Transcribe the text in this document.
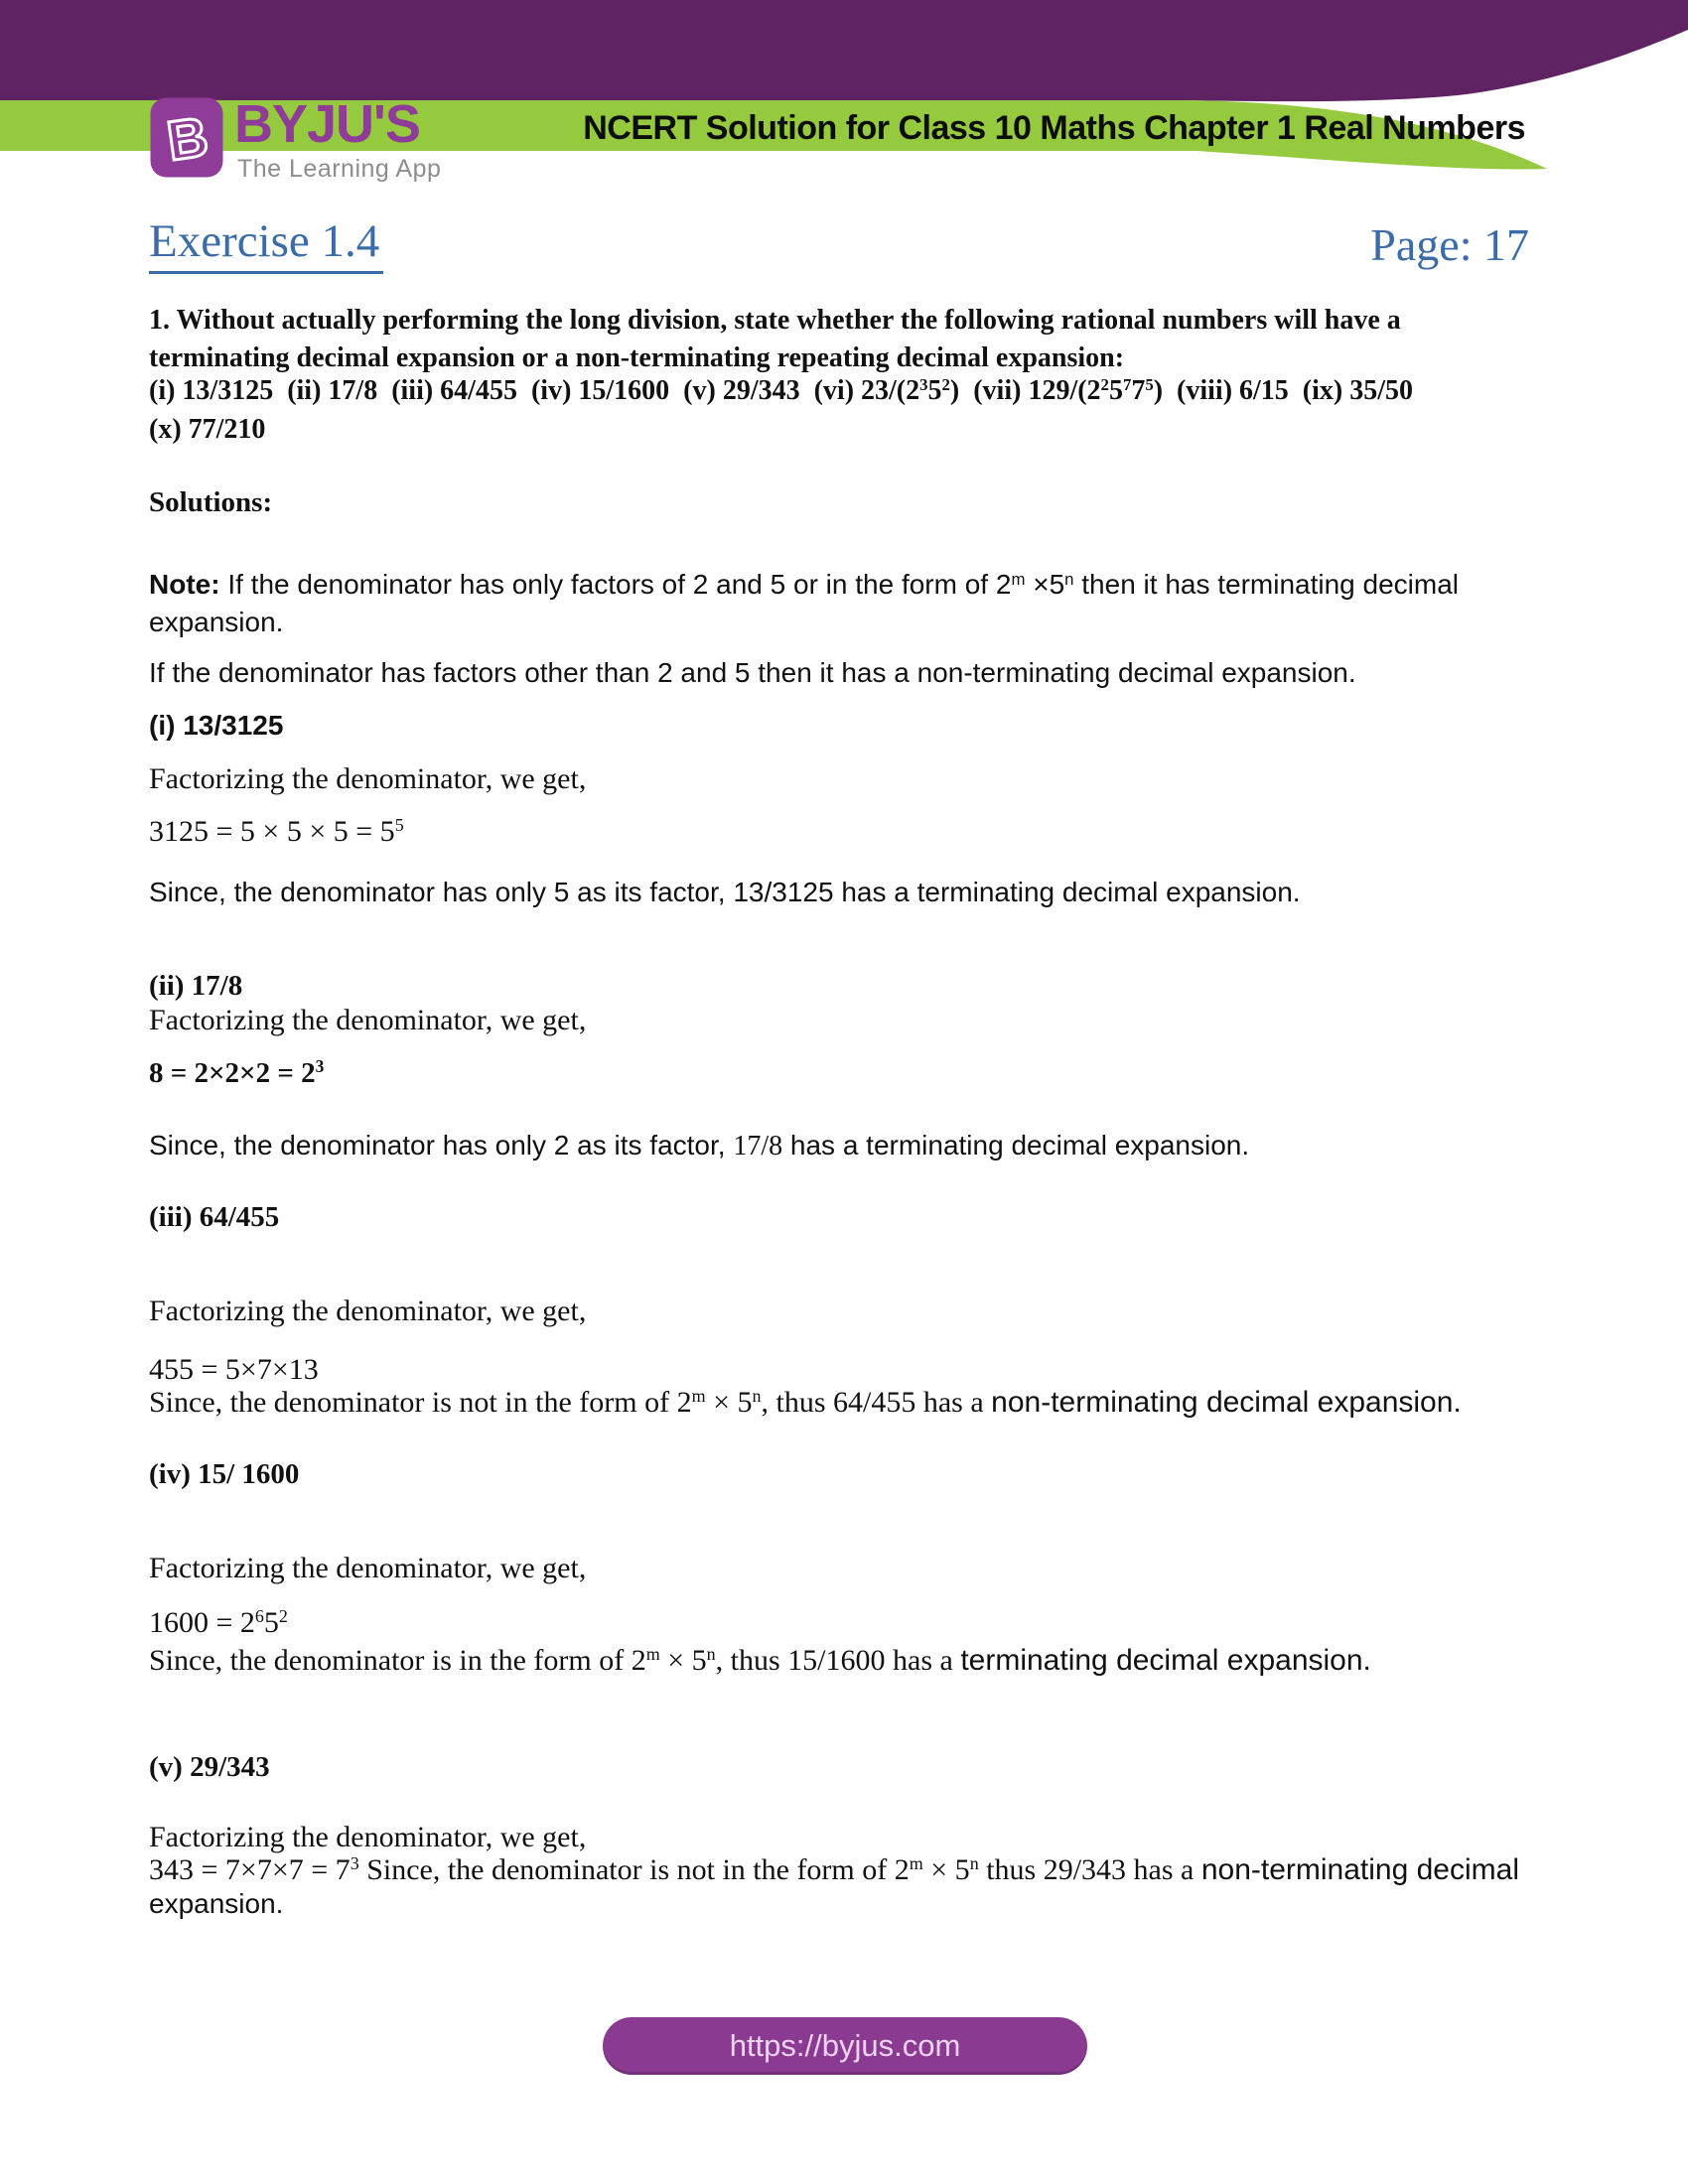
B BYJU'S
The Learning App
NCERT Solution for Class 10 Maths Chapter 1 Real Numbers
Exercise 1.4	Page: 17
1. Without actually performing the long division, state whether the following rational numbers will have a
terminating decimal expansion or a non-terminating repeating decimal expansion:
(i) 13/3125  (ii) 17/8  (iii) 64/455  (iv) 15/1600  (v) 29/343  (vi) $23/(2^35^2)$  (vii) $129/(2^25^77^5)$  (viii) 6/15  (ix) 35/50
(x) 77/210
Solutions:
Note: If the denominator has only factors of 2 and 5 or in the form of $2^m \times 5^n$ then it has terminating decimal
expansion.
If the denominator has factors other than 2 and 5 then it has a non-terminating decimal expansion.
(i) 13/3125
Factorizing the denominator, we get,
$3125 = 5 \times 5 \times 5 = 5^5$
Since, the denominator has only 5 as its factor, 13/3125 has a terminating decimal expansion.
(ii) 17/8
Factorizing the denominator, we get,
$8 = 2\times 2\times 2 = 2^3$
Since, the denominator has only 2 as its factor, 17/8 has a terminating decimal expansion.
(iii) 64/455
Factorizing the denominator, we get,
455 = 5×7×13
Since, the denominator is not in the form of $2^m \times 5^n$, thus 64/455 has a non-terminating decimal expansion.
(iv) 15/ 1600
Factorizing the denominator, we get,
$1600 = 2^65^2$
Since, the denominator is in the form of $2^m \times 5^n$, thus 15/1600 has a terminating decimal expansion.
(v) 29/343
Factorizing the denominator, we get,
$343 = 7\times 7\times 7 = 7^3$ Since, the denominator is not in the form of $2^m \times 5^n$ thus 29/343 has a non-terminating decimal
expansion.
https://byjus.com
